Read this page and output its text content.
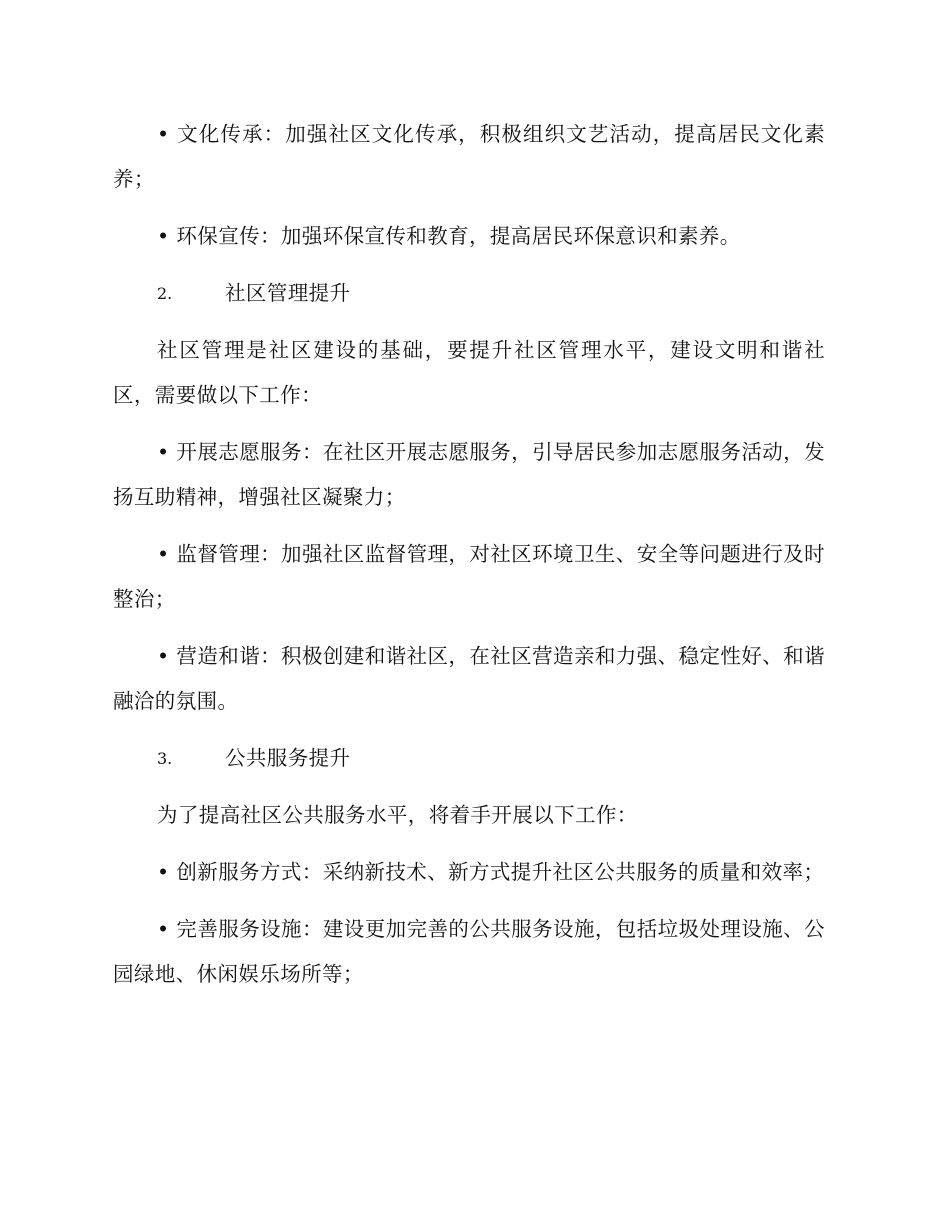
• 文化传承：加强社区文化传承，积极组织文艺活动，提高居民文化素养；

• 环保宣传：加强环保宣传和教育，提高居民环保意识和素养。

2.	社区管理提升

社区管理是社区建设的基础，要提升社区管理水平，建设文明和谐社区，需要做以下工作：

• 开展志愿服务：在社区开展志愿服务，引导居民参加志愿服务活动，发扬互助精神，增强社区凝聚力；

• 监督管理：加强社区监督管理，对社区环境卫生、安全等问题进行及时整治；

• 营造和谐：积极创建和谐社区，在社区营造亲和力强、稳定性好、和谐融洽的氛围。

3.	公共服务提升

为了提高社区公共服务水平，将着手开展以下工作：

• 创新服务方式：采纳新技术、新方式提升社区公共服务的质量和效率；

• 完善服务设施：建设更加完善的公共服务设施，包括垃圾处理设施、公园绿地、休闲娱乐场所等；
